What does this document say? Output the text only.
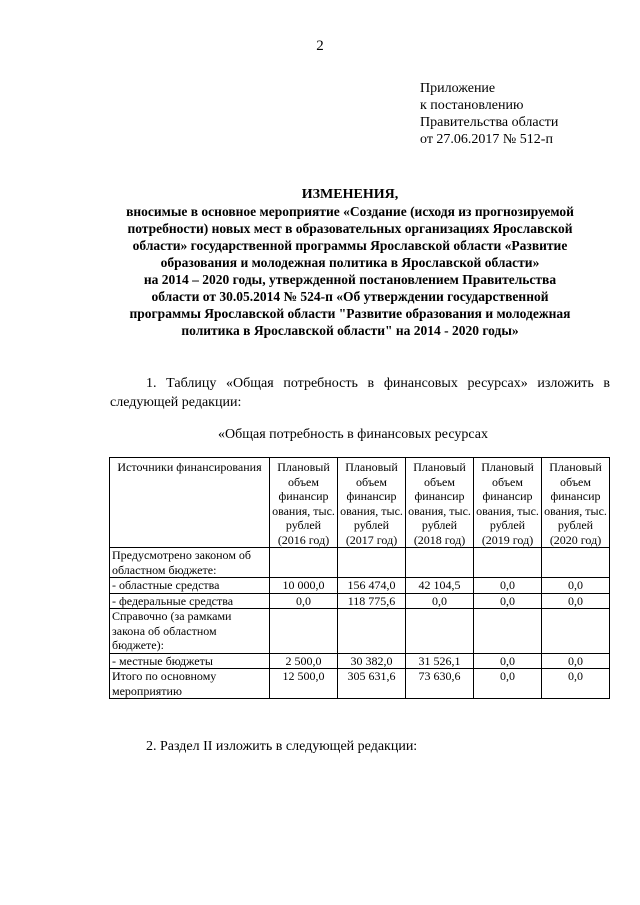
2
Приложение
к постановлению
Правительства области
от 27.06.2017 № 512-п
ИЗМЕНЕНИЯ,
вносимые в основное мероприятие «Создание (исходя из прогнозируемой
потребности) новых мест в образовательных организациях Ярославской
области» государственной программы Ярославской области «Развитие
образования и молодежная политика в Ярославской области»
на 2014 – 2020 годы, утвержденной постановлением Правительства
области от 30.05.2014 № 524-п «Об утверждении государственной
программы Ярославской области "Развитие образования и молодежная
политика в Ярославской области" на 2014 - 2020 годы»
1. Таблицу «Общая потребность в финансовых ресурсах» изложить в следующей редакции:
«Общая потребность в финансовых ресурсах
Источники финансирования	Плановый объем финансир ования, тыс. рублей (2016 год)	Плановый объем финансир ования, тыс. рублей (2017 год)	Плановый объем финансир ования, тыс. рублей (2018 год)	Плановый объем финансир ования, тыс. рублей (2019 год)	Плановый объем финансир ования, тыс. рублей (2020 год)
Предусмотрено законом об областном бюджете:					
- областные средства	10 000,0	156 474,0	42 104,5	0,0	0,0
- федеральные средства	0,0	118 775,6	0,0	0,0	0,0
Справочно (за рамками закона об областном бюджете):					
- местные бюджеты	2 500,0	30 382,0	31 526,1	0,0	0,0
Итого по основному мероприятию	12 500,0	305 631,6	73 630,6	0,0	0,0
2. Раздел II изложить в следующей редакции:
